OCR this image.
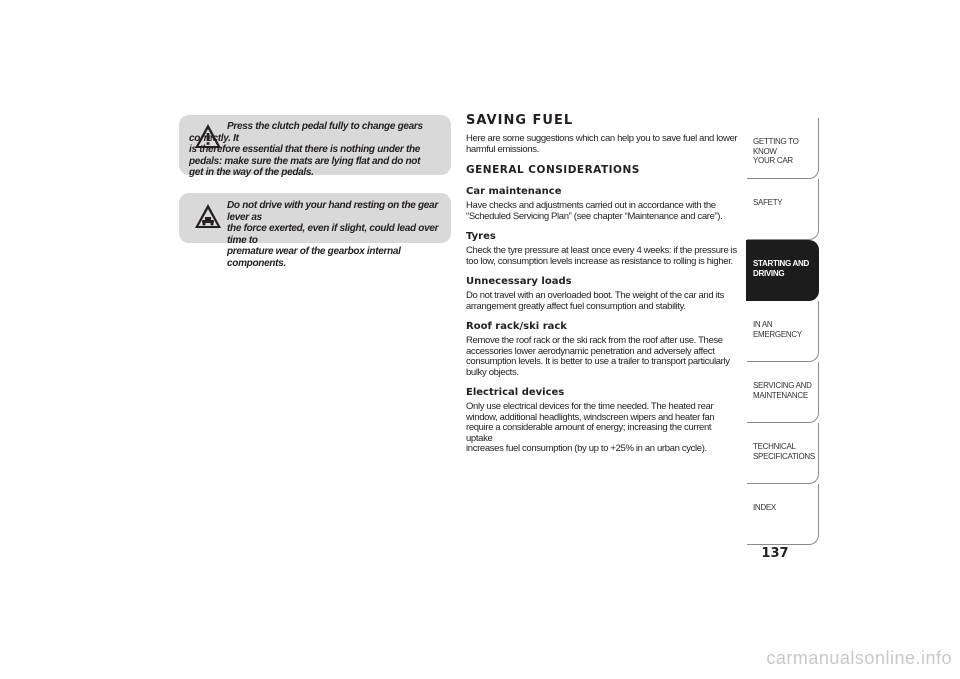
Press the clutch pedal fully to change gears correctly. It
is therefore essential that there is nothing under the
pedals: make sure the mats are lying flat and do not
get in the way of the pedals.
Do not drive with your hand resting on the gear lever as
the force exerted, even if slight, could lead over time to
premature wear of the gearbox internal components.
SAVING FUEL

Here are some suggestions which can help you to save fuel and lower
harmful emissions.

GENERAL CONSIDERATIONS
Car maintenance

Have checks and adjustments carried out in accordance with the
“Scheduled Servicing Plan” (see chapter “Maintenance and care”).

Tyres

Check the tyre pressure at least once every 4 weeks: if the pressure is
too low, consumption levels increase as resistance to rolling is higher.

Unnecessary loads

Do not travel with an overloaded boot. The weight of the car and its
arrangement greatly affect fuel consumption and stability.

Roof rack/ski rack

Remove the roof rack or the ski rack from the roof after use. These
accessories lower aerodynamic penetration and adversely affect
consumption levels. It is better to use a trailer to transport particularly
bulky objects.

Electrical devices

Only use electrical devices for the time needed. The heated rear
window, additional headlights, windscreen wipers and heater fan
require a considerable amount of energy; increasing the current uptake
increases fuel consumption (by up to +25% in an urban cycle).

GETTING TO KNOW
YOUR CAR
SAFETY
STARTING AND
DRIVING
IN AN EMERGENCY
SERVICING AND
MAINTENANCE
TECHNICAL
SPECIFICATIONS
INDEX
137
carmanualsonline.info
